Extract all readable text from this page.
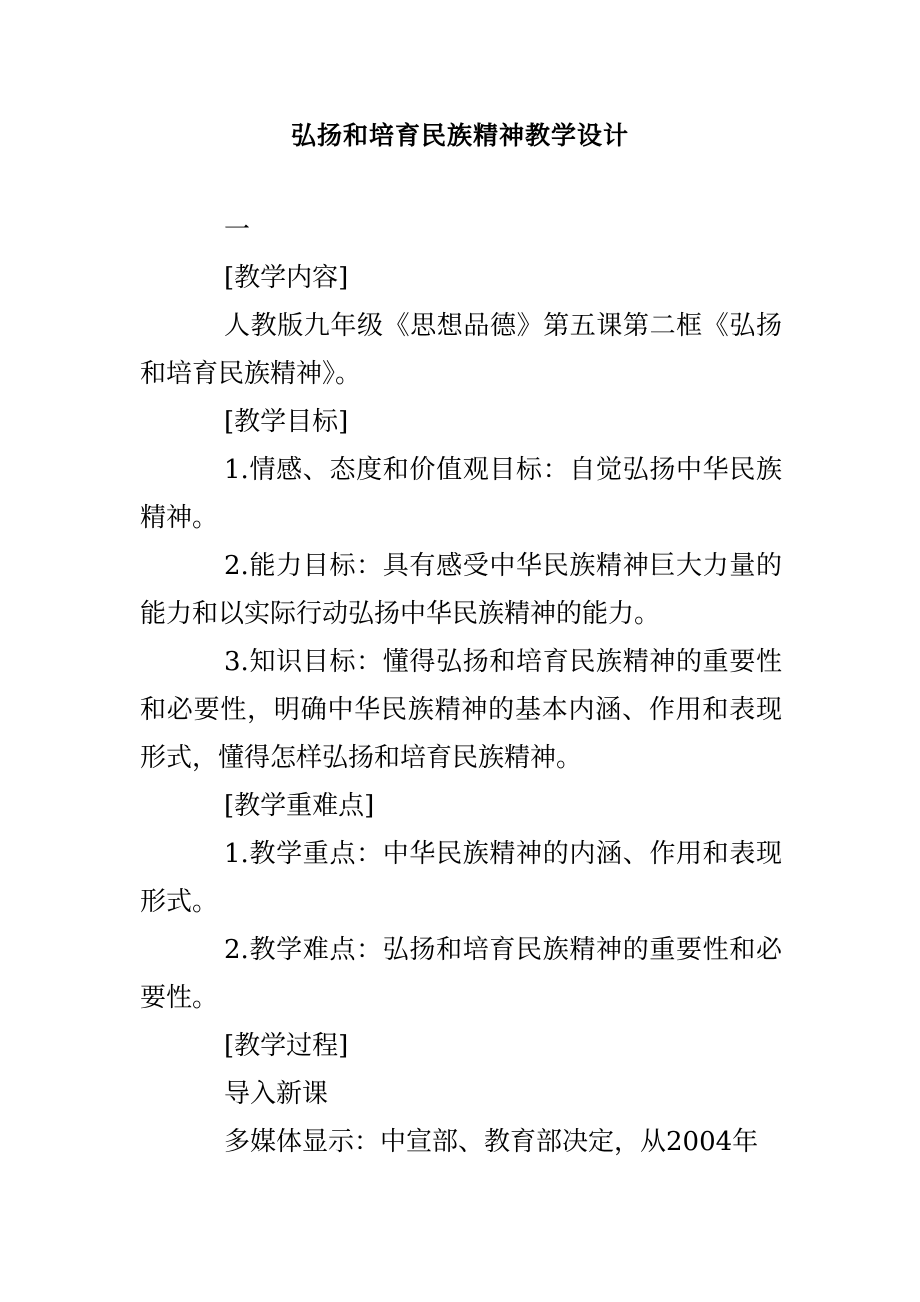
弘扬和培育民族精神教学设计

一

[教学内容]

人教版九年级《思想品德》第五课第二框《弘扬和培育民族精神》。

[教学目标]

1.情感、态度和价值观目标：自觉弘扬中华民族精神。

2.能力目标：具有感受中华民族精神巨大力量的能力和以实际行动弘扬中华民族精神的能力。

3.知识目标：懂得弘扬和培育民族精神的重要性和必要性，明确中华民族精神的基本内涵、作用和表现形式，懂得怎样弘扬和培育民族精神。

[教学重难点]

1.教学重点：中华民族精神的内涵、作用和表现形式。

2.教学难点：弘扬和培育民族精神的重要性和必要性。

[教学过程]

导入新课

多媒体显示：中宣部、教育部决定，从2004年
